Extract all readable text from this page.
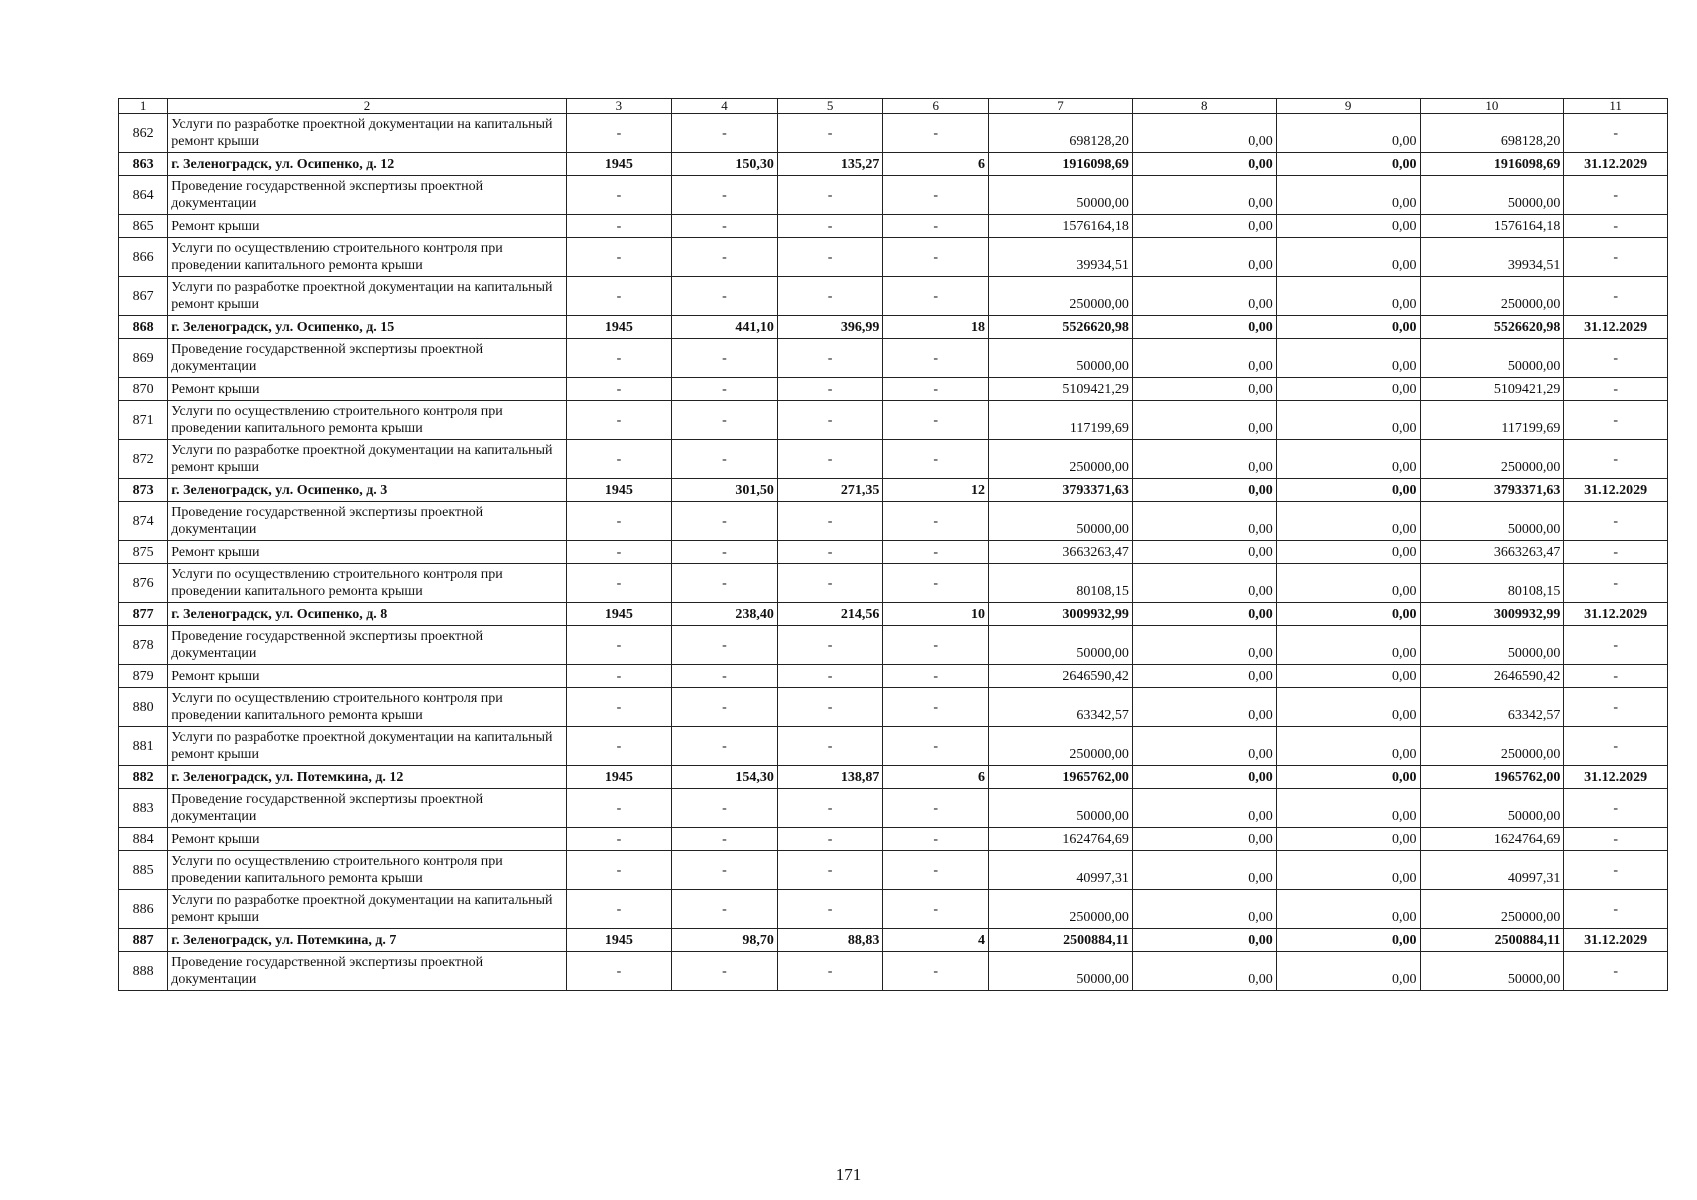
1	2	3	4	5	6	7	8	9	10	11
862	Услуги по разработке проектной документации на капитальный ремонт крыши	-	-	-	-	698128,20	0,00	0,00	698128,20	-
863	г. Зеленоградск, ул. Осипенко, д. 12	1945	150,30	135,27	6	1916098,69	0,00	0,00	1916098,69	31.12.2029
864	Проведение государственной экспертизы проектной документации	-	-	-	-	50000,00	0,00	0,00	50000,00	-
865	Ремонт крыши	-	-	-	-	1576164,18	0,00	0,00	1576164,18	-
866	Услуги по осуществлению строительного контроля при проведении капитального ремонта крыши	-	-	-	-	39934,51	0,00	0,00	39934,51	-
867	Услуги по разработке проектной документации на капитальный ремонт крыши	-	-	-	-	250000,00	0,00	0,00	250000,00	-
868	г. Зеленоградск, ул. Осипенко, д. 15	1945	441,10	396,99	18	5526620,98	0,00	0,00	5526620,98	31.12.2029
869	Проведение государственной экспертизы проектной документации	-	-	-	-	50000,00	0,00	0,00	50000,00	-
870	Ремонт крыши	-	-	-	-	5109421,29	0,00	0,00	5109421,29	-
871	Услуги по осуществлению строительного контроля при проведении капитального ремонта крыши	-	-	-	-	117199,69	0,00	0,00	117199,69	-
872	Услуги по разработке проектной документации на капитальный ремонт крыши	-	-	-	-	250000,00	0,00	0,00	250000,00	-
873	г. Зеленоградск, ул. Осипенко, д. 3	1945	301,50	271,35	12	3793371,63	0,00	0,00	3793371,63	31.12.2029
874	Проведение государственной экспертизы проектной документации	-	-	-	-	50000,00	0,00	0,00	50000,00	-
875	Ремонт крыши	-	-	-	-	3663263,47	0,00	0,00	3663263,47	-
876	Услуги по осуществлению строительного контроля при проведении капитального ремонта крыши	-	-	-	-	80108,15	0,00	0,00	80108,15	-
877	г. Зеленоградск, ул. Осипенко, д. 8	1945	238,40	214,56	10	3009932,99	0,00	0,00	3009932,99	31.12.2029
878	Проведение государственной экспертизы проектной документации	-	-	-	-	50000,00	0,00	0,00	50000,00	-
879	Ремонт крыши	-	-	-	-	2646590,42	0,00	0,00	2646590,42	-
880	Услуги по осуществлению строительного контроля при проведении капитального ремонта крыши	-	-	-	-	63342,57	0,00	0,00	63342,57	-
881	Услуги по разработке проектной документации на капитальный ремонт крыши	-	-	-	-	250000,00	0,00	0,00	250000,00	-
882	г. Зеленоградск, ул. Потемкина, д. 12	1945	154,30	138,87	6	1965762,00	0,00	0,00	1965762,00	31.12.2029
883	Проведение государственной экспертизы проектной документации	-	-	-	-	50000,00	0,00	0,00	50000,00	-
884	Ремонт крыши	-	-	-	-	1624764,69	0,00	0,00	1624764,69	-
885	Услуги по осуществлению строительного контроля при проведении капитального ремонта крыши	-	-	-	-	40997,31	0,00	0,00	40997,31	-
886	Услуги по разработке проектной документации на капитальный ремонт крыши	-	-	-	-	250000,00	0,00	0,00	250000,00	-
887	г. Зеленоградск, ул. Потемкина, д. 7	1945	98,70	88,83	4	2500884,11	0,00	0,00	2500884,11	31.12.2029
888	Проведение государственной экспертизы проектной документации	-	-	-	-	50000,00	0,00	0,00	50000,00	-
171
